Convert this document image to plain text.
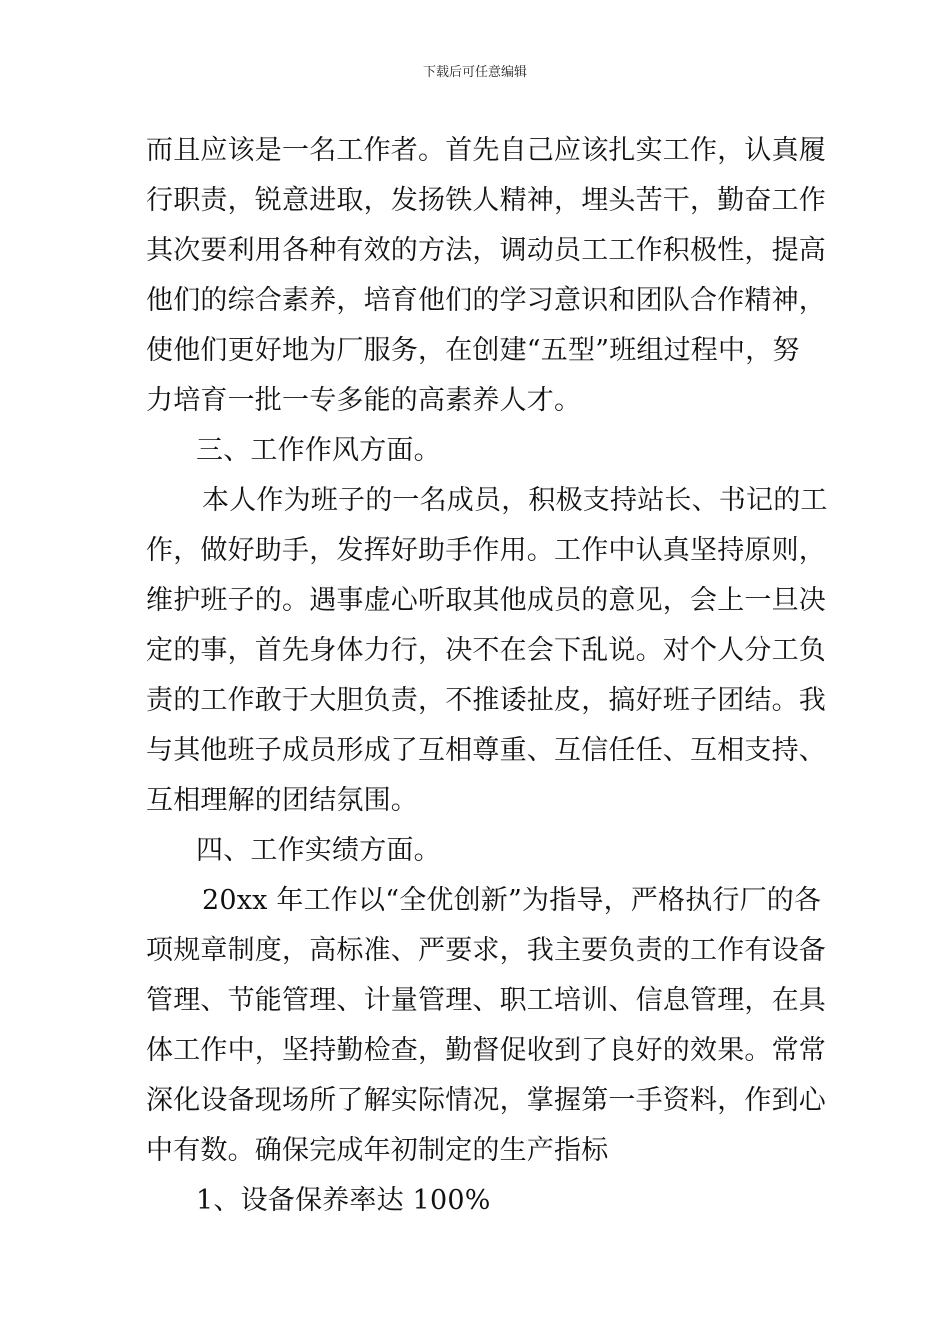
下载后可任意编辑
而且应该是一名工作者。首先自己应该扎实工作，认真履
行职责，锐意进取，发扬铁人精神，埋头苦干，勤奋工作
其次要利用各种有效的方法，调动员工工作积极性，提高
他们的综合素养，培育他们的学习意识和团队合作精神，
使他们更好地为厂服务，在创建“五型”班组过程中，努
力培育一批一专多能的高素养人才。
三、工作作风方面。
本人作为班子的一名成员，积极支持站长、书记的工
作，做好助手，发挥好助手作用。工作中认真坚持原则，
维护班子的。遇事虚心听取其他成员的意见，会上一旦决
定的事，首先身体力行，决不在会下乱说。对个人分工负
责的工作敢于大胆负责，不推诿扯皮，搞好班子团结。我
与其他班子成员形成了互相尊重、互信任任、互相支持、
互相理解的团结氛围。
四、工作实绩方面。
20xx 年工作以“全优创新”为指导，严格执行厂的各
项规章制度，高标准、严要求，我主要负责的工作有设备
管理、节能管理、计量管理、职工培训、信息管理，在具
体工作中，坚持勤检查，勤督促收到了良好的效果。常常
深化设备现场所了解实际情况，掌握第一手资料，作到心
中有数。确保完成年初制定的生产指标
1、设备保养率达 100%
